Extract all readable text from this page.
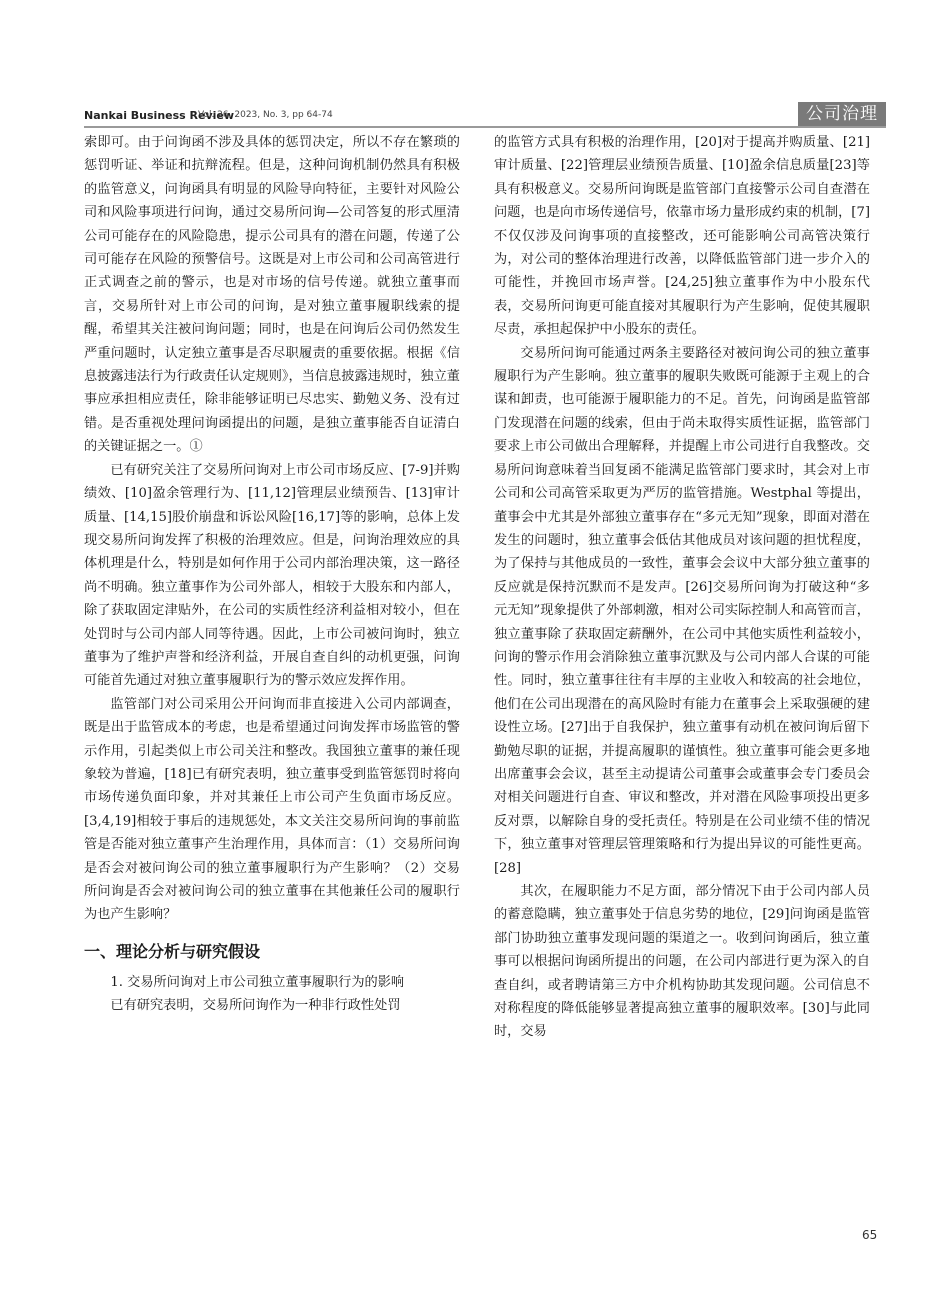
Nankai Business Review
Vol. 26, 2023, No. 3, pp 64-74	公司治理

索即可。由于问询函不涉及具体的惩罚决定，所以不存在繁琐的惩罚听证、举证和抗辩流程。但是，这种问询机制仍然具有积极的监管意义，问询函具有明显的风险导向特征，主要针对风险公司和风险事项进行问询，通过交易所问询—公司答复的形式厘清公司可能存在的风险隐患，提示公司具有的潜在问题，传递了公司可能存在风险的预警信号。这既是对上市公司和公司高管进行正式调查之前的警示，也是对市场的信号传递。就独立董事而言，交易所针对上市公司的问询，是对独立董事履职线索的提醒，希望其关注被问询问题；同时，也是在问询后公司仍然发生严重问题时，认定独立董事是否尽职履责的重要依据。根据《信息披露违法行为行政责任认定规则》，当信息披露违规时，独立董事应承担相应责任，除非能够证明已尽忠实、勤勉义务、没有过错。是否重视处理问询函提出的问题，是独立董事能否自证清白的关键证据之一。①

已有研究关注了交易所问询对上市公司市场反应、[7-9]并购绩效、[10]盈余管理行为、[11,12]管理层业绩预告、[13]审计质量、[14,15]股价崩盘和诉讼风险[16,17]等的影响，总体上发现交易所问询发挥了积极的治理效应。但是，问询治理效应的具体机理是什么，特别是如何作用于公司内部治理决策，这一路径尚不明确。独立董事作为公司外部人，相较于大股东和内部人，除了获取固定津贴外，在公司的实质性经济利益相对较小，但在处罚时与公司内部人同等待遇。因此，上市公司被问询时，独立董事为了维护声誉和经济利益，开展自查自纠的动机更强，问询可能首先通过对独立董事履职行为的警示效应发挥作用。

监管部门对公司采用公开问询而非直接进入公司内部调查，既是出于监管成本的考虑，也是希望通过问询发挥市场监管的警示作用，引起类似上市公司关注和整改。我国独立董事的兼任现象较为普遍，[18]已有研究表明，独立董事受到监管惩罚时将向市场传递负面印象，并对其兼任上市公司产生负面市场反应。[3,4,19]相较于事后的违规惩处，本文关注交易所问询的事前监管是否能对独立董事产生治理作用，具体而言：（1）交易所问询是否会对被问询公司的独立董事履职行为产生影响？（2）交易所问询是否会对被问询公司的独立董事在其他兼任公司的履职行为也产生影响？

一、理论分析与研究假设

1. 交易所问询对上市公司独立董事履职行为的影响

已有研究表明，交易所问询作为一种非行政性处罚

的监管方式具有积极的治理作用，[20]对于提高并购质量、[21]审计质量、[22]管理层业绩预告质量、[10]盈余信息质量[23]等具有积极意义。交易所问询既是监管部门直接警示公司自查潜在问题，也是向市场传递信号，依靠市场力量形成约束的机制，[7]不仅仅涉及问询事项的直接整改，还可能影响公司高管决策行为，对公司的整体治理进行改善，以降低监管部门进一步介入的可能性，并挽回市场声誉。[24,25]独立董事作为中小股东代表，交易所问询更可能直接对其履职行为产生影响，促使其履职尽责，承担起保护中小股东的责任。

交易所问询可能通过两条主要路径对被问询公司的独立董事履职行为产生影响。独立董事的履职失败既可能源于主观上的合谋和卸责，也可能源于履职能力的不足。首先，问询函是监管部门发现潜在问题的线索，但由于尚未取得实质性证据，监管部门要求上市公司做出合理解释，并提醒上市公司进行自我整改。交易所问询意味着当回复函不能满足监管部门要求时，其会对上市公司和公司高管采取更为严厉的监管措施。Westphal 等提出，董事会中尤其是外部独立董事存在“多元无知”现象，即面对潜在发生的问题时，独立董事会低估其他成员对该问题的担忧程度，为了保持与其他成员的一致性，董事会会议中大部分独立董事的反应就是保持沉默而不是发声。[26]交易所问询为打破这种“多元无知”现象提供了外部刺激，相对公司实际控制人和高管而言，独立董事除了获取固定薪酬外，在公司中其他实质性利益较小，问询的警示作用会消除独立董事沉默及与公司内部人合谋的可能性。同时，独立董事往往有丰厚的主业收入和较高的社会地位，他们在公司出现潜在的高风险时有能力在董事会上采取强硬的建设性立场。[27]出于自我保护，独立董事有动机在被问询后留下勤勉尽职的证据，并提高履职的谨慎性。独立董事可能会更多地出席董事会会议，甚至主动提请公司董事会或董事会专门委员会对相关问题进行自查、审议和整改，并对潜在风险事项投出更多反对票，以解除自身的受托责任。特别是在公司业绩不佳的情况下，独立董事对管理层管理策略和行为提出异议的可能性更高。[28]

其次，在履职能力不足方面，部分情况下由于公司内部人员的蓄意隐瞒，独立董事处于信息劣势的地位，[29]问询函是监管部门协助独立董事发现问题的渠道之一。收到问询函后，独立董事可以根据问询函所提出的问题，在公司内部进行更为深入的自查自纠，或者聘请第三方中介机构协助其发现问题。公司信息不对称程度的降低能够显著提高独立董事的履职效率。[30]与此同时，交易

65
